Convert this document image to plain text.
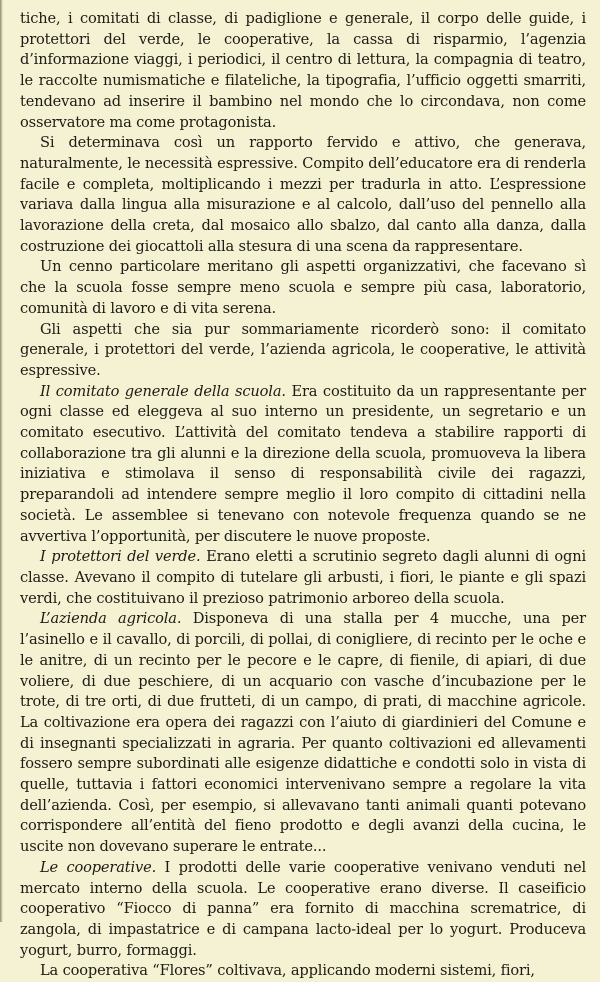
tiche, i comitati di classe, di padiglione e generale, il corpo delle guide, i protettori del verde, le cooperative, la cassa di risparmio, l’agenzia d’informazione viaggi, i periodici, il centro di lettura, la compagnia di teatro, le raccolte numismatiche e filateliche, la tipografia, l’ufficio oggetti smarriti, tendevano ad inserire il bambino nel mondo che lo circondava, non come osservatore ma come protagonista.

Si determinava così un rapporto fervido e attivo, che generava, naturalmente, le necessità espressive. Compito dell’educatore era di renderla facile e completa, moltiplicando i mezzi per tradurla in atto. L’espressione variava dalla lingua alla misurazione e al calcolo, dall’uso del pennello alla lavorazione della creta, dal mosaico allo sbalzo, dal canto alla danza, dalla costruzione dei giocattoli alla stesura di una scena da rappresentare.

Un cenno particolare meritano gli aspetti organizzativi, che facevano sì che la scuola fosse sempre meno scuola e sempre più casa, laboratorio, comunità di lavoro e di vita serena.

Gli aspetti che sia pur sommariamente ricorderò sono: il comitato generale, i protettori del verde, l’azienda agricola, le cooperative, le attività espressive.

Il comitato generale della scuola. Era costituito da un rappresentante per ogni classe ed eleggeva al suo interno un presidente, un segretario e un comitato esecutivo. L’attività del comitato tendeva a stabilire rapporti di collaborazione tra gli alunni e la direzione della scuola, promuoveva la libera iniziativa e stimolava il senso di responsabilità civile dei ragazzi, preparandoli ad intendere sempre meglio il loro compito di cittadini nella società. Le assemblee si tenevano con notevole frequenza quando se ne avvertiva l’opportunità, per discutere le nuove proposte.

I protettori del verde. Erano eletti a scrutinio segreto dagli alunni di ogni classe. Avevano il compito di tutelare gli arbusti, i fiori, le piante e gli spazi verdi, che costituivano il prezioso patrimonio arboreo della scuola.

L’azienda agricola. Disponeva di una stalla per 4 mucche, una per l’asinello e il cavallo, di porcili, di pollai, di conigliere, di recinto per le oche e le anitre, di un recinto per le pecore e le capre, di fienile, di apiari, di due voliere, di due peschiere, di un acquario con vasche d’incubazione per le trote, di tre orti, di due frutteti, di un campo, di prati, di macchine agricole. La coltivazione era opera dei ragazzi con l’aiuto di giardinieri del Comune e di insegnanti specializzati in agraria. Per quanto coltivazioni ed allevamenti fossero sempre subordinati alle esigenze didattiche e condotti solo in vista di quelle, tuttavia i fattori economici intervenivano sempre a regolare la vita dell’azienda. Così, per esempio, si allevavano tanti animali quanti potevano corrispondere all’entità del fieno prodotto e degli avanzi della cucina, le uscite non dovevano superare le entrate...

Le cooperative. I prodotti delle varie cooperative venivano venduti nel mercato interno della scuola. Le cooperative erano diverse. Il caseificio cooperativo “Fiocco di panna” era fornito di macchina scrematrice, di zangola, di impastatrice e di campana lacto-ideal per lo yogurt. Produceva yogurt, burro, formaggi.

La cooperativa “Flores” coltivava, applicando moderni sistemi, fiori,
